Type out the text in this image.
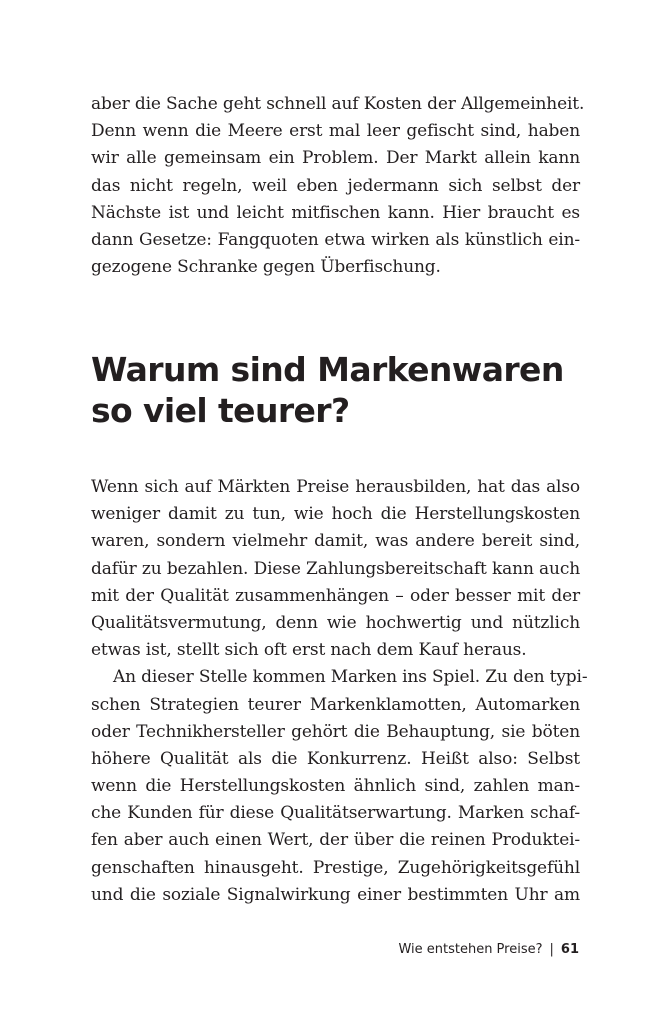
aber die Sache geht schnell auf Kosten der Allgemeinheit.
Denn wenn die Meere erst mal leer gefischt sind, haben
wir alle gemeinsam ein Problem. Der Markt allein kann
das nicht regeln, weil eben jedermann sich selbst der
Nächste ist und leicht mitfischen kann. Hier braucht es
dann Gesetze: Fangquoten etwa wirken als künstlich ein-
gezogene Schranke gegen Überfischung.
Warum sind Markenwaren
so viel teurer?
Wenn sich auf Märkten Preise herausbilden, hat das also
weniger damit zu tun, wie hoch die Herstellungskosten
waren, sondern vielmehr damit, was andere bereit sind,
dafür zu bezahlen. Diese Zahlungsbereitschaft kann auch
mit der Qualität zusammenhängen – oder besser mit der
Qualitätsvermutung, denn wie hochwertig und nützlich
etwas ist, stellt sich oft erst nach dem Kauf heraus.
An dieser Stelle kommen Marken ins Spiel. Zu den typi-
schen Strategien teurer Markenklamotten, Automarken
oder Technikhersteller gehört die Behauptung, sie böten
höhere Qualität als die Konkurrenz. Heißt also: Selbst
wenn die Herstellungskosten ähnlich sind, zahlen man-
che Kunden für diese Qualitätserwartung. Marken schaf-
fen aber auch einen Wert, der über die reinen Produktei-
genschaften hinausgeht. Prestige, Zugehörigkeitsgefühl
und die soziale Signalwirkung einer bestimmten Uhr am
Wie entstehen Preise? | 61
